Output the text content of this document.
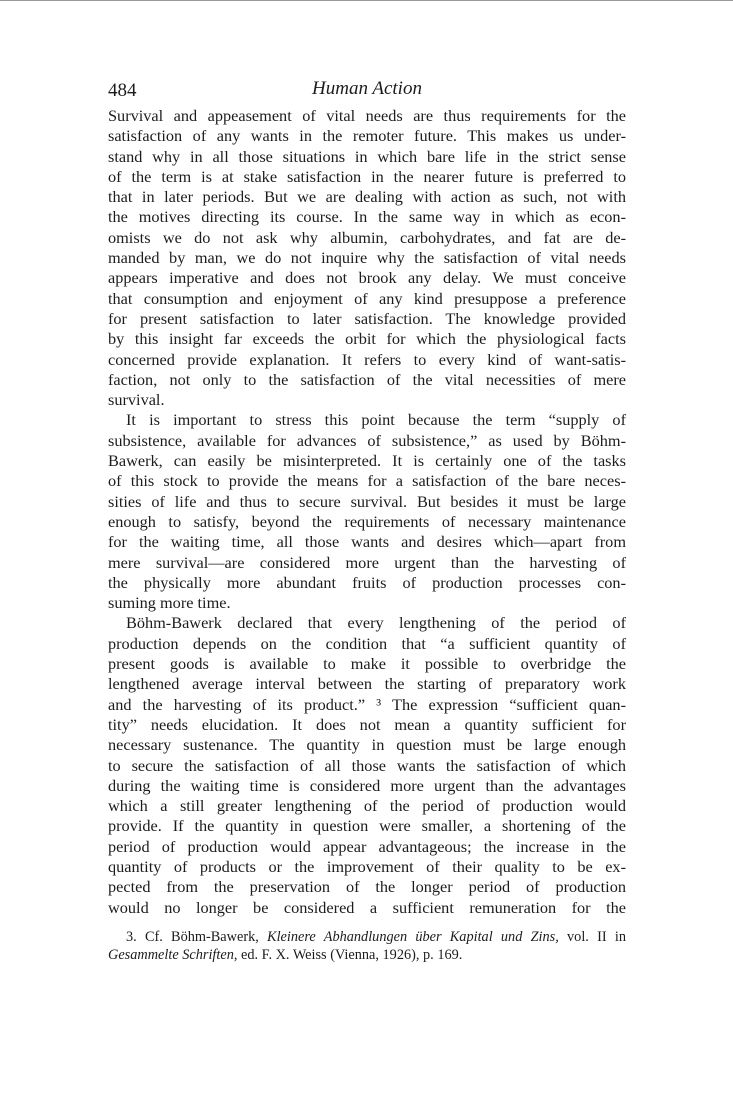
484	Human Action

Survival and appeasement of vital needs are thus requirements for the
satisfaction of any wants in the remoter future. This makes us under-
stand why in all those situations in which bare life in the strict sense
of the term is at stake satisfaction in the nearer future is preferred to
that in later periods. But we are dealing with action as such, not with
the motives directing its course. In the same way in which as econ-
omists we do not ask why albumin, carbohydrates, and fat are de-
manded by man, we do not inquire why the satisfaction of vital needs
appears imperative and does not brook any delay. We must conceive
that consumption and enjoyment of any kind presuppose a preference
for present satisfaction to later satisfaction. The knowledge provided
by this insight far exceeds the orbit for which the physiological facts
concerned provide explanation. It refers to every kind of want-satis-
faction, not only to the satisfaction of the vital necessities of mere
survival.

It is important to stress this point because the term “supply of
subsistence, available for advances of subsistence,” as used by Böhm-
Bawerk, can easily be misinterpreted. It is certainly one of the tasks
of this stock to provide the means for a satisfaction of the bare neces-
sities of life and thus to secure survival. But besides it must be large
enough to satisfy, beyond the requirements of necessary maintenance
for the waiting time, all those wants and desires which—apart from
mere survival—are considered more urgent than the harvesting of
the physically more abundant fruits of production processes con-
suming more time.

Böhm-Bawerk declared that every lengthening of the period of
production depends on the condition that “a sufficient quantity of
present goods is available to make it possible to overbridge the
lengthened average interval between the starting of preparatory work
and the harvesting of its product.” ³ The expression “sufficient quan-
tity” needs elucidation. It does not mean a quantity sufficient for
necessary sustenance. The quantity in question must be large enough
to secure the satisfaction of all those wants the satisfaction of which
during the waiting time is considered more urgent than the advantages
which a still greater lengthening of the period of production would
provide. If the quantity in question were smaller, a shortening of the
period of production would appear advantageous; the increase in the
quantity of products or the improvement of their quality to be ex-
pected from the preservation of the longer period of production
would no longer be considered a sufficient remuneration for the

3. Cf. Böhm-Bawerk, Kleinere Abhandlungen über Kapital und Zins, vol. II in
Gesammelte Schriften, ed. F. X. Weiss (Vienna, 1926), p. 169.
